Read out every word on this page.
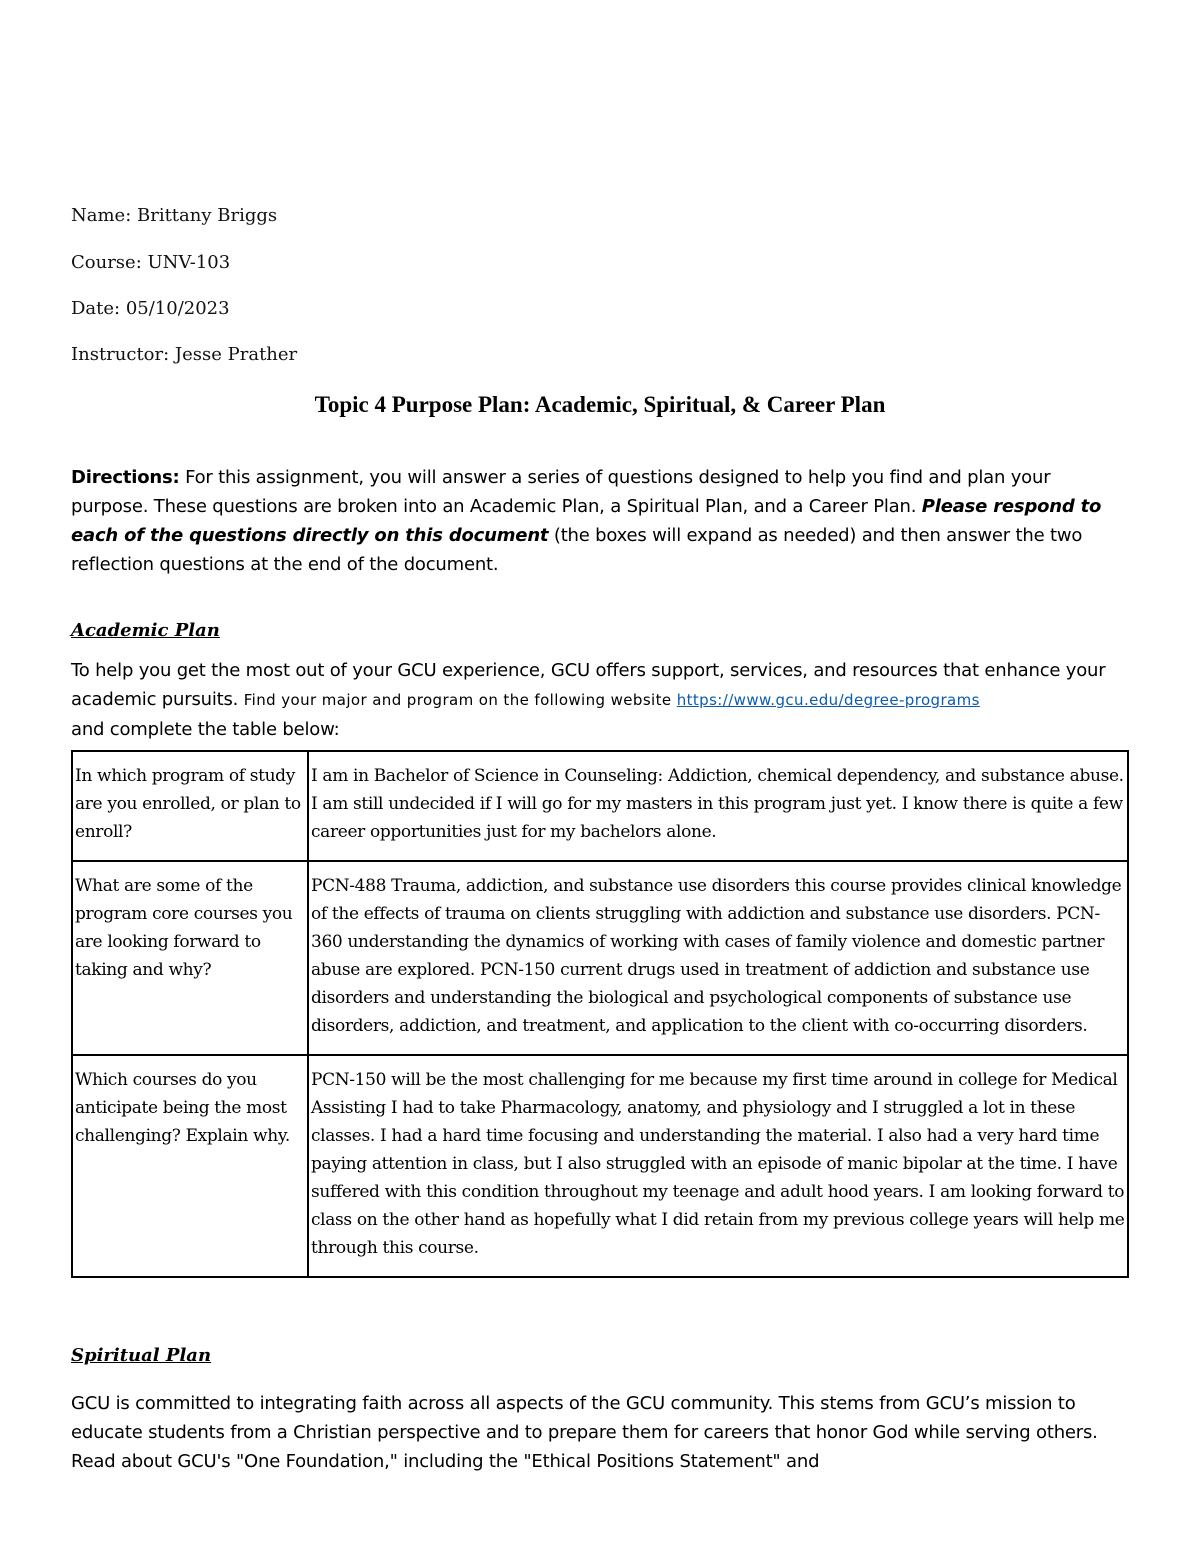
Name: Brittany Briggs
Course: UNV-103
Date: 05/10/2023
Instructor: Jesse Prather
Topic 4 Purpose Plan: Academic, Spiritual, & Career Plan
Directions: For this assignment, you will answer a series of questions designed to help you find and plan your purpose. These questions are broken into an Academic Plan, a Spiritual Plan, and a Career Plan. Please respond to each of the questions directly on this document (the boxes will expand as needed) and then answer the two reflection questions at the end of the document.
Academic Plan
To help you get the most out of your GCU experience, GCU offers support, services, and resources that enhance your academic pursuits. Find your major and program on the following website https://www.gcu.edu/degree-programs
and complete the table below:
In which program of study are you enrolled, or plan to enroll?	I am in Bachelor of Science in Counseling: Addiction, chemical dependency, and substance abuse. I am still undecided if I will go for my masters in this program just yet. I know there is quite a few career opportunities just for my bachelors alone.
What are some of the program core courses you are looking forward to taking and why?	PCN-488 Trauma, addiction, and substance use disorders this course provides clinical knowledge of the effects of trauma on clients struggling with addiction and substance use disorders. PCN-360 understanding the dynamics of working with cases of family violence and domestic partner abuse are explored. PCN-150 current drugs used in treatment of addiction and substance use disorders and understanding the biological and psychological components of substance use disorders, addiction, and treatment, and application to the client with co-occurring disorders.
Which courses do you anticipate being the most challenging? Explain why.	PCN-150 will be the most challenging for me because my first time around in college for Medical Assisting I had to take Pharmacology, anatomy, and physiology and I struggled a lot in these classes. I had a hard time focusing and understanding the material. I also had a very hard time paying attention in class, but I also struggled with an episode of manic bipolar at the time. I have suffered with this condition throughout my teenage and adult hood years. I am looking forward to class on the other hand as hopefully what I did retain from my previous college years will help me through this course.
Spiritual Plan
GCU is committed to integrating faith across all aspects of the GCU community. This stems from GCU’s mission to educate students from a Christian perspective and to prepare them for careers that honor God while serving others. Read about GCU's "One Foundation," including the "Ethical Positions Statement" and
